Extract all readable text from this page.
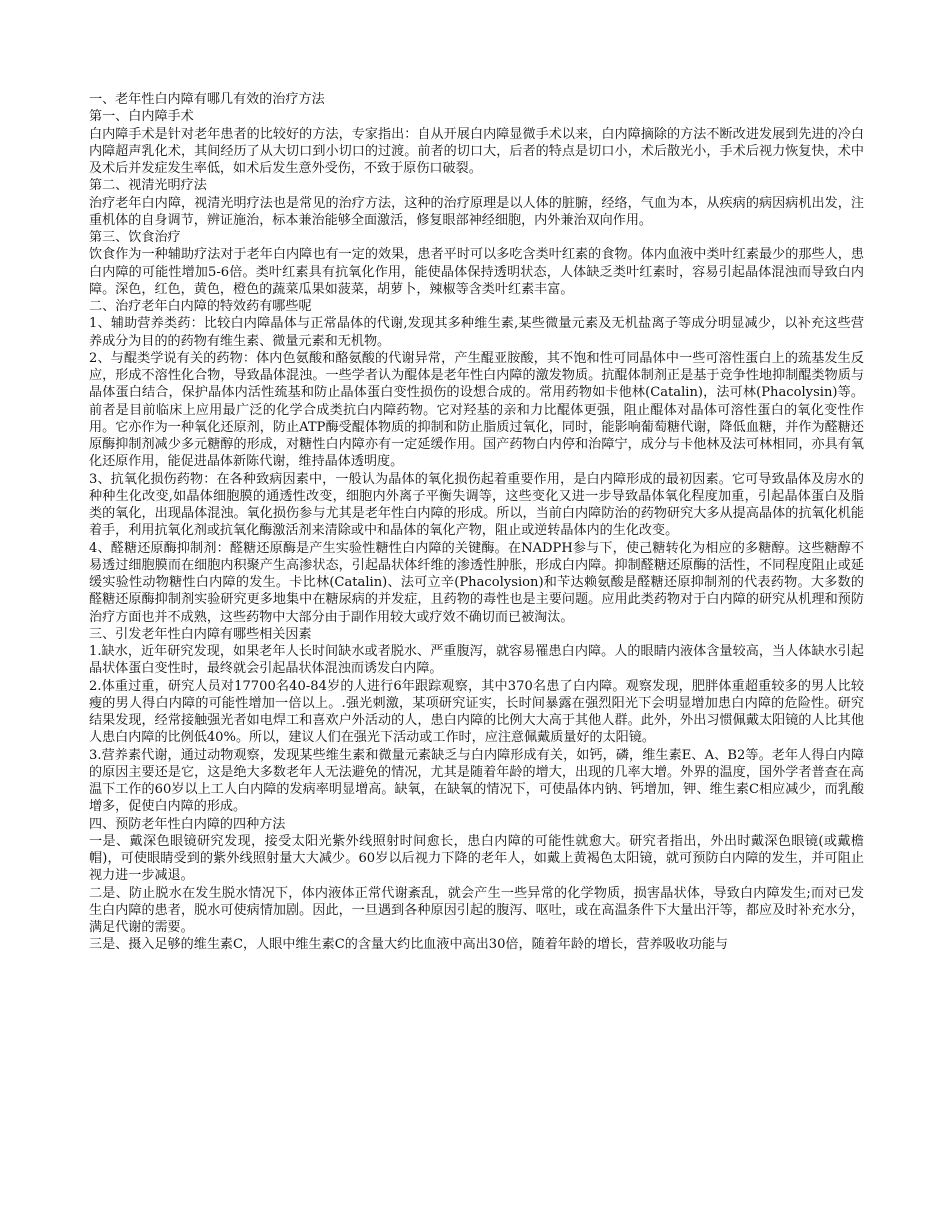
一、老年性白内障有哪几有效的治疗方法

第一、白内障手术

白内障手术是针对老年患者的比较好的方法，专家指出：自从开展白内障显微手术以来，白内障摘除的方法不断改进发展到先进的冷白内障超声乳化术，其间经历了从大切口到小切口的过渡。前者的切口大，后者的特点是切口小，术后散光小，手术后视力恢复快，术中及术后并发症发生率低，如术后发生意外受伤，不致于原伤口破裂。

第二、视清光明疗法

治疗老年白内障，视清光明疗法也是常见的治疗方法，这种的治疗原理是以人体的脏腑，经络，气血为本，从疾病的病因病机出发，注重机体的自身调节，辨证施治，标本兼治能够全面激活，修复眼部神经细胞，内外兼治双向作用。

第三、饮食治疗

饮食作为一种辅助疗法对于老年白内障也有一定的效果，患者平时可以多吃含类叶红素的食物。体内血液中类叶红素最少的那些人，患白内障的可能性增加5-6倍。类叶红素具有抗氧化作用，能使晶体保持透明状态，人体缺乏类叶红素时，容易引起晶体混浊而导致白内障。深色，红色，黄色，橙色的蔬菜瓜果如菠菜，胡萝卜，辣椒等含类叶红素丰富。

二、治疗老年白内障的特效药有哪些呢

1、辅助营养类药：比较白内障晶体与正常晶体的代谢,发现其多种维生素,某些微量元素及无机盐离子等成分明显减少，以补充这些营养成分为目的的药物有维生素、微量元素和无机物。

2、与醌类学说有关的药物：体内色氨酸和酪氨酸的代谢异常，产生醌亚胺酸，其不饱和性可同晶体中一些可溶性蛋白上的巯基发生反应，形成不溶性化合物，导致晶体混浊。一些学者认为醌体是老年性白内障的激发物质。抗醌体制剂正是基于竞争性地抑制醌类物质与晶体蛋白结合，保护晶体内活性巯基和防止晶体蛋白变性损伤的设想合成的。常用药物如卡他林(Catalin)，法可林(Phacolysin)等。前者是目前临床上应用最广泛的化学合成类抗白内障药物。它对羟基的亲和力比醌体更强，阻止醌体对晶体可溶性蛋白的氧化变性作用。它亦作为一种氧化还原剂，防止ATP酶受醌体物质的抑制和防止脂质过氧化，同时，能影响葡萄糖代谢，降低血糖，并作为醛糖还原酶抑制剂减少多元糖醇的形成，对糖性白内障亦有一定延缓作用。国产药物白内停和治障宁，成分与卡他林及法可林相同，亦具有氧化还原作用，能促进晶体新陈代谢，维持晶体透明度。

3、抗氧化损伤药物：在各种致病因素中，一般认为晶体的氧化损伤起着重要作用，是白内障形成的最初因素。它可导致晶体及房水的种种生化改变,如晶体细胞膜的通透性改变，细胞内外离子平衡失调等，这些变化又进一步导致晶体氧化程度加重，引起晶体蛋白及脂类的氧化，出现晶体混浊。氧化损伤参与尤其是老年性白内障的形成。所以，当前白内障防治的药物研究大多从提高晶体的抗氧化机能着手，利用抗氧化剂或抗氧化酶激活剂来清除或中和晶体的氧化产物，阻止或逆转晶体内的生化改变。

4、醛糖还原酶抑制剂：醛糖还原酶是产生实验性糖性白内障的关键酶。在NADPH参与下，使己糖转化为相应的多糖醇。这些糖醇不易透过细胞膜而在细胞内积聚产生高渗状态，引起晶状体纤维的渗透性肿胀，形成白内障。抑制醛糖还原酶的活性，不同程度阻止或延缓实验性动物糖性白内障的发生。卡比林(Catalin)、法可立辛(Phacolysion)和苄达赖氨酸是醛糖还原抑制剂的代表药物。大多数的醛糖还原酶抑制剂实验研究更多地集中在糖尿病的并发症，且药物的毒性也是主要问题。应用此类药物对于白内障的研究从机理和预防治疗方面也并不成熟，这些药物中大部分由于副作用较大或疗效不确切而已被淘汰。

三、引发老年性白内障有哪些相关因素

1.缺水，近年研究发现，如果老年人长时间缺水或者脱水、严重腹泻，就容易罹患白内障。人的眼睛内液体含量较高，当人体缺水引起晶状体蛋白变性时，最终就会引起晶状体混浊而诱发白内障。

2.体重过重，研究人员对17700名40-84岁的人进行6年跟踪观察，其中370名患了白内障。观察发现，肥胖体重超重较多的男人比较瘦的男人得白内障的可能性增加一倍以上。.强光刺激，某项研究证实，长时间暴露在强烈阳光下会明显增加患白内障的危险性。研究结果发现，经常接触强光者如电焊工和喜欢户外活动的人，患白内障的比例大大高于其他人群。此外，外出习惯佩戴太阳镜的人比其他人患白内障的比例低40%。所以，建议人们在强光下活动或工作时，应注意佩戴质量好的太阳镜。

3.营养素代谢，通过动物观察，发现某些维生素和微量元素缺乏与白内障形成有关，如钙，磷，维生素E、A、B2等。老年人得白内障的原因主要还是它，这是绝大多数老年人无法避免的情况，尤其是随着年龄的增大，出现的几率大增。外界的温度，国外学者普查在高温下工作的60岁以上工人白内障的发病率明显增高。缺氧，在缺氧的情况下，可使晶体内钠、钙增加，钾、维生素C相应减少，而乳酸增多，促使白内障的形成。

四、预防老年性白内障的四种方法

一是、戴深色眼镜研究发现，接受太阳光紫外线照射时间愈长，患白内障的可能性就愈大。研究者指出，外出时戴深色眼镜(或戴檐帽)，可使眼睛受到的紫外线照射量大大减少。60岁以后视力下降的老年人，如戴上黄褐色太阳镜，就可预防白内障的发生，并可阻止视力进一步减退。

二是、防止脱水在发生脱水情况下，体内液体正常代谢紊乱，就会产生一些异常的化学物质，损害晶状体，导致白内障发生;而对已发生白内障的患者，脱水可使病情加剧。因此，一旦遇到各种原因引起的腹泻、呕吐，或在高温条件下大量出汗等，都应及时补充水分，满足代谢的需要。

三是、摄入足够的维生素C，人眼中维生素C的含量大约比血液中高出30倍，随着年龄的增长，营养吸收功能与
